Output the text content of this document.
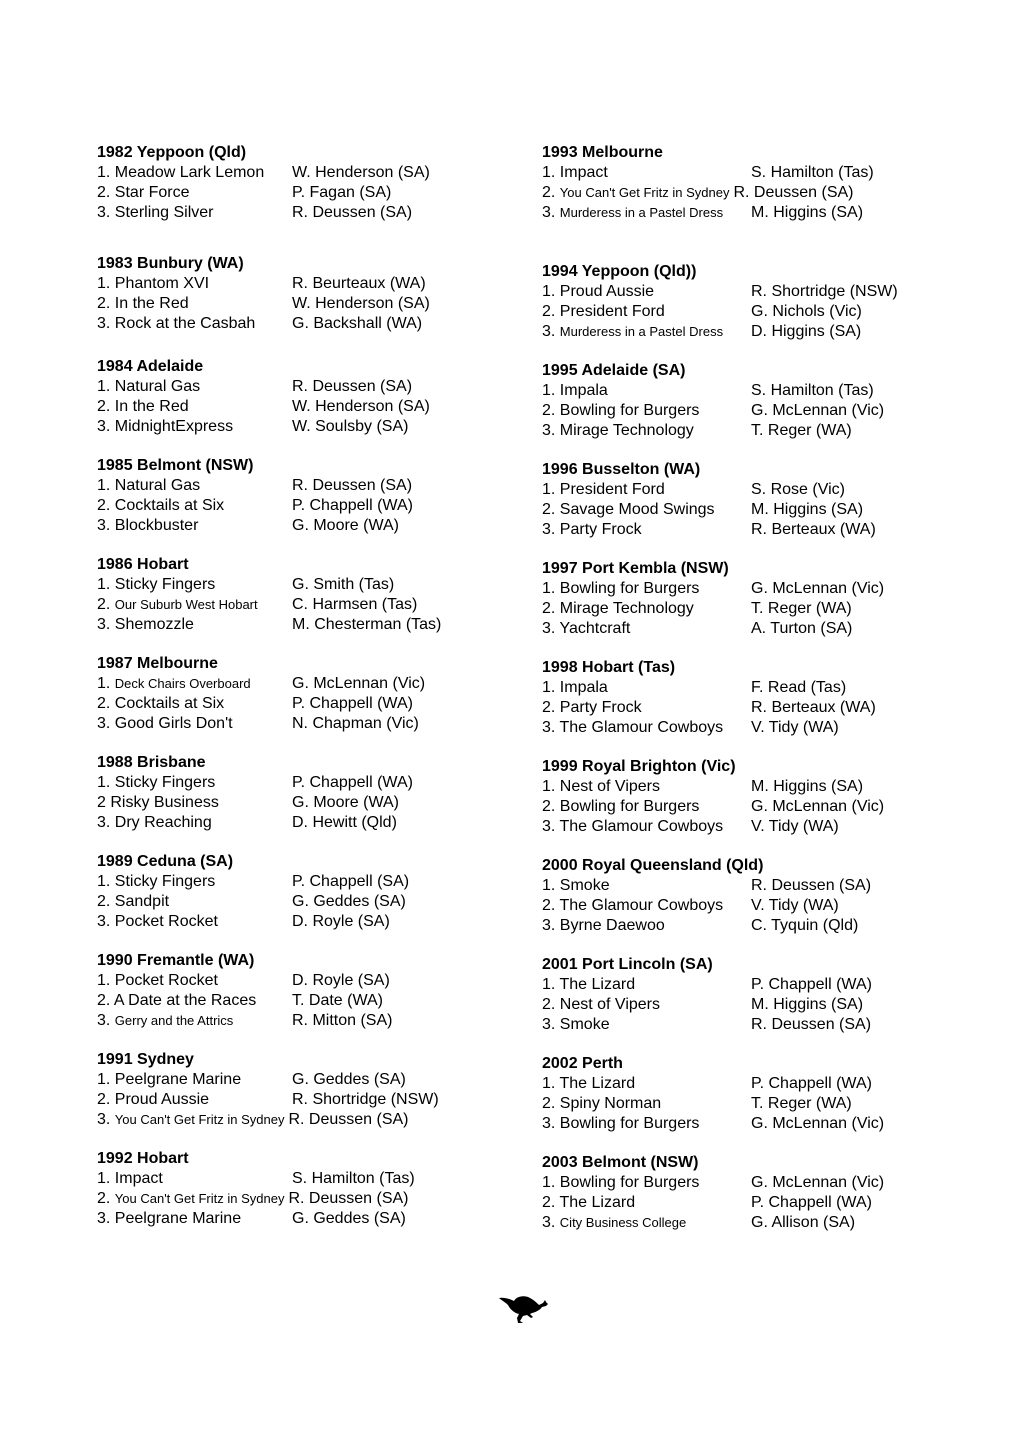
1982 Yeppoon (Qld)
1. Meadow Lark Lemon W. Henderson (SA)
2. Star Force	P. Fagan (SA)
3. Sterling Silver	R. Deussen (SA)
1983 Bunbury (WA)
1. Phantom XVI	R. Beurteaux (WA)
2. In the Red	W. Henderson (SA)
3. Rock at the Casbah G. Backshall (WA)
1984 Adelaide
1. Natural Gas	R. Deussen (SA)
2. In the Red	W. Henderson (SA)
3. MidnightExpress	W. Soulsby (SA)
1985 Belmont (NSW)
1. Natural Gas	R. Deussen (SA)
2. Cocktails at Six	P. Chappell (WA)
3. Blockbuster	G. Moore (WA)
1986 Hobart
1. Sticky Fingers	G. Smith (Tas)
2. Our Suburb West Hobart C. Harmsen (Tas)
3. Shemozzle	M. Chesterman (Tas)
1987 Melbourne
1. Deck Chairs Overboard	G. McLennan (Vic)
2. Cocktails at Six	P. Chappell (WA)
3. Good Girls Don't	N. Chapman (Vic)
1988 Brisbane
1. Sticky Fingers	P. Chappell (WA)
2 Risky Business	G. Moore (WA)
3. Dry Reaching	D. Hewitt (Qld)
1989 Ceduna (SA)
1. Sticky Fingers	P. Chappell (SA)
2. Sandpit	G. Geddes (SA)
3. Pocket Rocket	D. Royle (SA)
1990 Fremantle (WA)
1. Pocket Rocket	D. Royle (SA)
2. A Date at the Races T. Date (WA)
3. Gerry and the Attrics	R. Mitton (SA)
1991 Sydney
1. Peelgrane Marine	G. Geddes (SA)
2. Proud Aussie	R. Shortridge (NSW)
3. You Can't Get Fritz in Sydney R. Deussen (SA)
1992 Hobart
1. Impact	S. Hamilton (Tas)
2. You Can't Get Fritz in Sydney R. Deussen (SA)
3. Peelgrane Marine	G. Geddes (SA)
1993 Melbourne
1. Impact	S. Hamilton (Tas)
2. You Can't Get Fritz in Sydney R. Deussen (SA)
3. Murderess in a Pastel Dress M. Higgins (SA)
1994 Yeppoon (Qld))
1. Proud Aussie	R. Shortridge (NSW)
2. President Ford	G. Nichols (Vic)
3. Murderess in a Pastel Dress D. Higgins (SA)
1995 Adelaide (SA)
1. Impala	S. Hamilton (Tas)
2. Bowling for Burgers	G. McLennan (Vic)
3. Mirage Technology	T. Reger (WA)
1996 Busselton (WA)
1. President Ford	S. Rose (Vic)
2. Savage Mood Swings M. Higgins (SA)
3. Party Frock	R. Berteaux (WA)
1997 Port Kembla (NSW)
1. Bowling for Burgers	G. McLennan (Vic)
2. Mirage Technology	T. Reger (WA)
3. Yachtcraft	A. Turton (SA)
1998 Hobart (Tas)
1. Impala	F. Read (Tas)
2. Party Frock	R. Berteaux (WA)
3. The Glamour Cowboys V. Tidy (WA)
1999 Royal Brighton (Vic)
1. Nest of Vipers	M. Higgins (SA)
2. Bowling for Burgers	G. McLennan (Vic)
3. The Glamour Cowboys V. Tidy (WA)
2000 Royal Queensland (Qld)
1. Smoke	R. Deussen (SA)
2. The Glamour Cowboys V. Tidy (WA)
3. Byrne Daewoo	C. Tyquin (Qld)
2001 Port Lincoln (SA)
1. The Lizard	P. Chappell (WA)
2. Nest of Vipers	M. Higgins (SA)
3. Smoke	R. Deussen (SA)
2002 Perth
1. The Lizard	P. Chappell (WA)
2. Spiny Norman	T. Reger (WA)
3. Bowling for Burgers	G. McLennan (Vic)
2003 Belmont (NSW)
1. Bowling for Burgers	G. McLennan (Vic)
2. The Lizard	P. Chappell (WA)
3. City Business College	G. Allison (SA)
